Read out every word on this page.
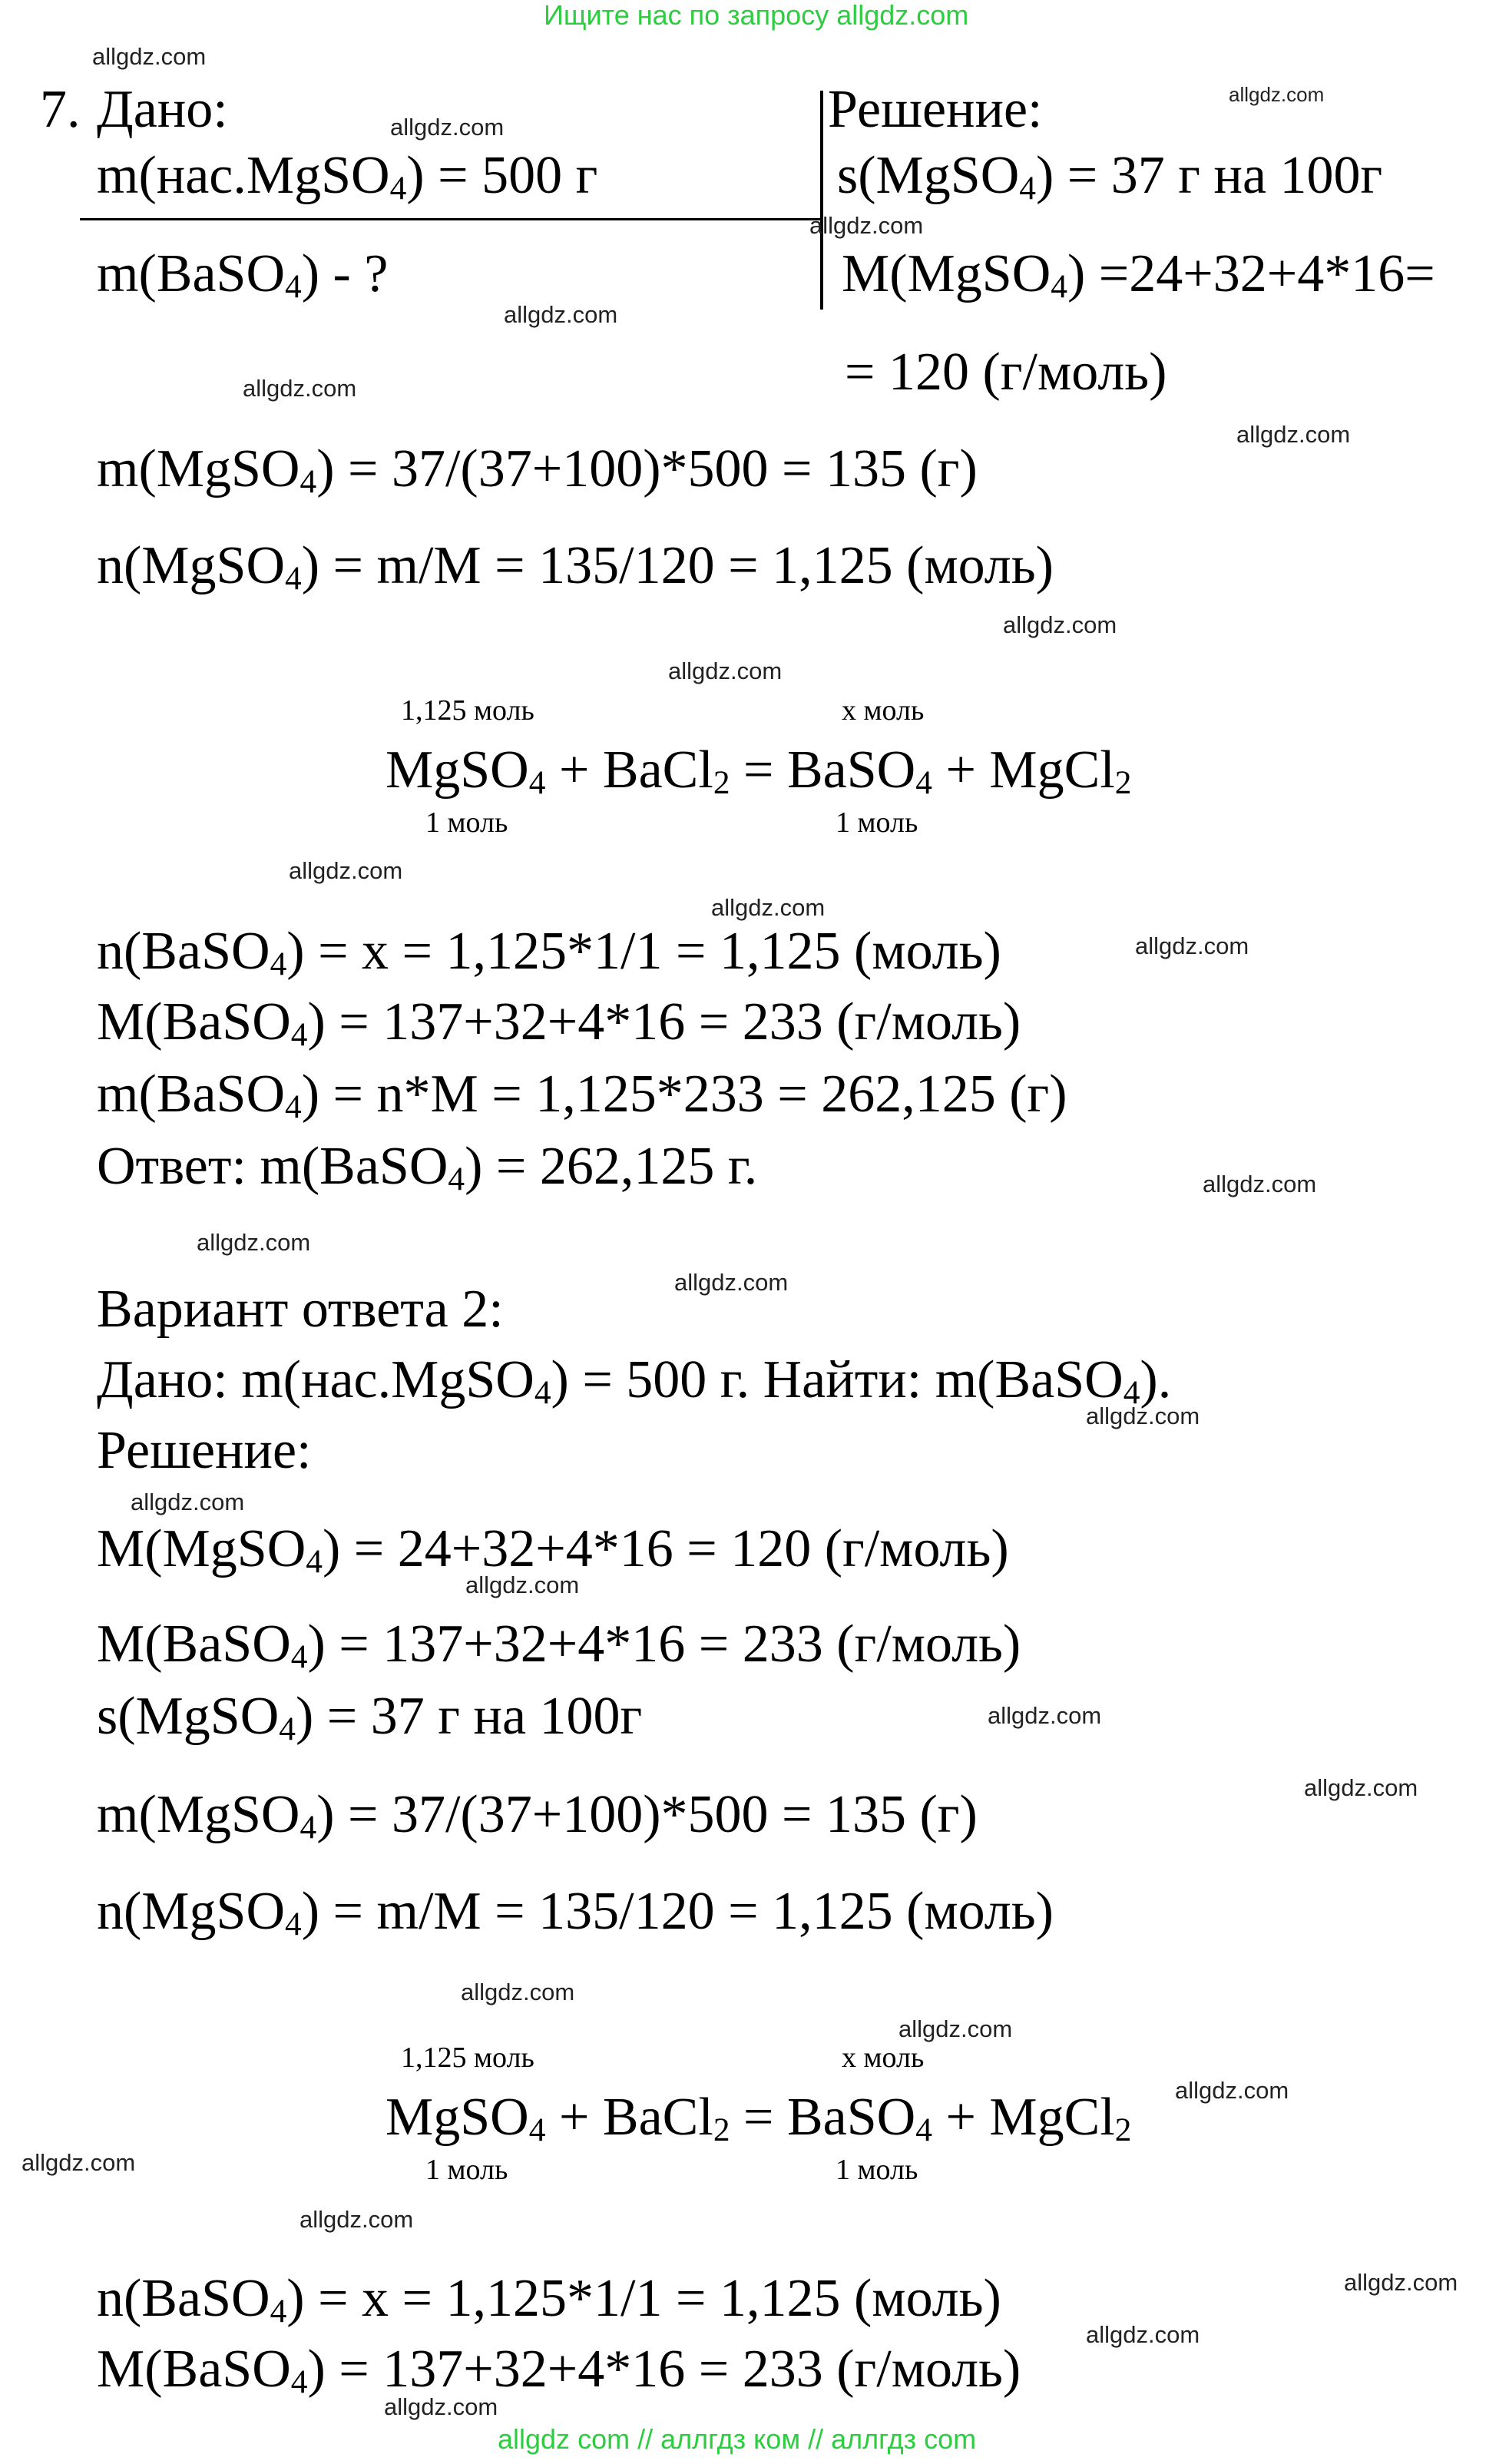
Ищите нас по запросу allgdz.com
7. Дано:
m(нас.MgSO$_4$) = 500 г
m(BaSO$_4$) - ?
Решение:
s(MgSO$_4$) = 37 г на 100г
M(MgSO$_4$) =24+32+4*16=
= 120 (г/моль)
m(MgSO$_4$) = 37/(37+100)*500 = 135 (г)
n(MgSO$_4$) = m/M = 135/120 = 1,125 (моль)
1,125 моль	х моль
MgSO$_4$ + BaCl$_2$ = BaSO$_4$ + MgCl$_2$
1 моль	1 моль
n(BaSO$_4$) = х = 1,125*1/1 = 1,125 (моль)
M(BaSO$_4$) = 137+32+4*16 = 233 (г/моль)
m(BaSO$_4$) = n*M = 1,125*233 = 262,125 (г)
Ответ: m(BaSO$_4$) = 262,125 г.
Вариант ответа 2:
Дано: m(нас.MgSO$_4$) = 500 г. Найти: m(BaSO$_4$).
Решение:
M(MgSO$_4$) = 24+32+4*16 = 120 (г/моль)
M(BaSO$_4$) = 137+32+4*16 = 233 (г/моль)
s(MgSO$_4$) = 37 г на 100г
m(MgSO$_4$) = 37/(37+100)*500 = 135 (г)
n(MgSO$_4$) = m/M = 135/120 = 1,125 (моль)
1,125 моль	х моль
MgSO$_4$ + BaCl$_2$ = BaSO$_4$ + MgCl$_2$
1 моль	1 моль
n(BaSO$_4$) = х = 1,125*1/1 = 1,125 (моль)
M(BaSO$_4$) = 137+32+4*16 = 233 (г/моль)
allgdz.com
allgdz.com
allgdz.com
allgdz.com
allgdz.com
allgdz.com
allgdz.com
allgdz.com
allgdz.com
allgdz.com
allgdz.com
allgdz.com
allgdz.com
allgdz.com
allgdz.com
allgdz.com
allgdz.com
allgdz.com
allgdz.com
allgdz.com
allgdz.com
allgdz.com
allgdz.com
allgdz.com
allgdz.com
allgdz.com
allgdz.com
allgdz.com
allgdz com // аллгдз ком // аллгдз com
